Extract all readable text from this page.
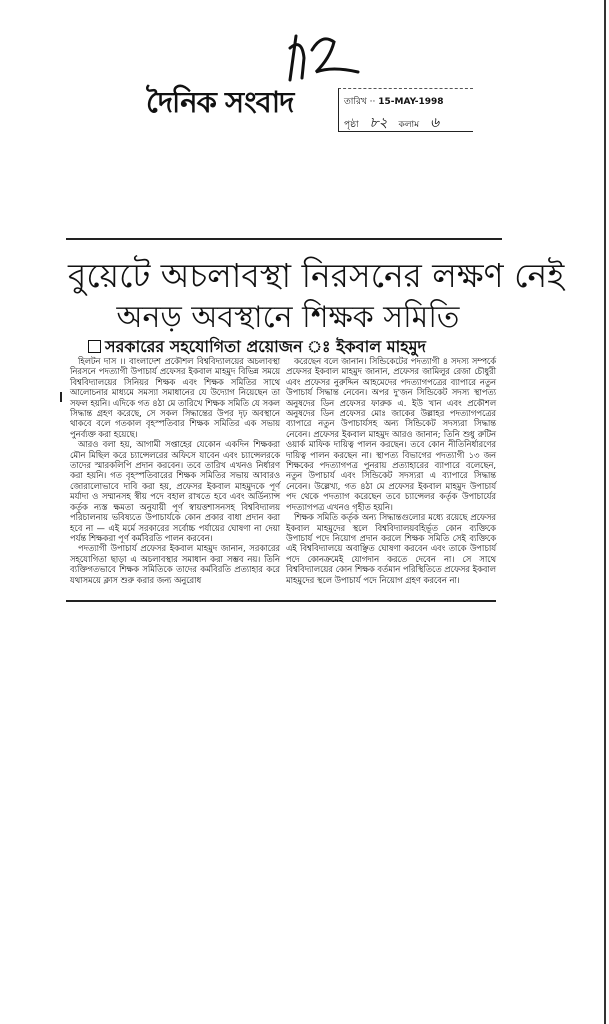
দৈনিক সংবাদ	তারিখ ·· 15-MAY-1998
পৃষ্ঠা ৮২ কলাম ৬
বুয়েটে অচলাবস্থা নিরসনের লক্ষণ নেই
অনড় অবস্থানে শিক্ষক সমিতি
সরকারের সহযোগিতা প্রয়োজন ঃ ইকবাল মাহমুদ

হিলটন দাস ।। বাংলাদেশ প্রকৌশল বিশ্ববিদ্যালয়ের অচলাবস্থা নিরসনে পদত্যাগী উপাচার্য প্রফেসর ইকবাল মাহমুদ বিভিন্ন সময়ে বিশ্ববিদ্যালয়ের সিনিয়র শিক্ষক এবং শিক্ষক সমিতির সাথে আলোচনার মাধ্যমে সমস্যা সমাধানের যে উদ্যোগ নিয়েছেন তা সফল হয়নি। এদিকে গত ৪ঠা মে তারিখে শিক্ষক সমিতি যে সকল সিদ্ধান্ত গ্রহণ করেছে, সে সকল সিদ্ধান্তের উপর দৃঢ় অবস্থানে থাকবে বলে গতকাল বৃহস্পতিবার শিক্ষক সমিতির এক সভায় পুনর্ব্যক্ত করা হয়েছে।

আরও বলা হয়, আগামী সপ্তাহের যেকোন একদিন শিক্ষকরা মৌন মিছিল করে চ্যান্সেলরের অফিসে যাবেন এবং চ্যান্সেলরকে তাদের স্মারকলিপি প্রদান করবেন। তবে তারিখ এখনও নির্ধারণ করা হয়নি। গত বৃহস্পতিবারের শিক্ষক সমিতির সভায় আবারও জোরালোভাবে দাবি করা হয়, প্রফেসর ইকবাল মাহমুদকে পূর্ণ মর্যাদা ও সম্মানসহ স্বীয় পদে বহাল রাখতে হবে এবং অর্ডিন্যান্স কর্তৃক ন্যস্ত ক্ষমতা অনুযায়ী পূর্ণ স্বায়ত্তশাসনসহ বিশ্ববিদ্যালয় পরিচালনায় ভবিষ্যতে উপাচার্যকে কোন প্রকার বাধা প্রদান করা হবে না — এই মর্মে সরকারের সর্বোচ্চ পর্যায়ের ঘোষণা না দেয়া পর্যন্ত শিক্ষকরা পূর্ণ কর্মবিরতি পালন করবেন।

পদত্যাগী উপাচার্য প্রফেসর ইকবাল মাহমুদ জানান, সরকারের সহযোগিতা ছাড়া এ অচলাবস্থার সমাধান করা সম্ভব নয়। তিনি ব্যক্তিগতভাবে শিক্ষক সমিতিকে তাদের কর্মবিরতি প্রত্যাহার করে যথাসময়ে ক্লাস শুরু করার জন্য অনুরোধ

করেছেন বলে জানান। সিন্ডিকেটের পদত্যাগী ৪ সদস্য সম্পর্কে প্রফেসর ইকবাল মাহমুদ জানান, প্রফেসর জামিলুর রেজা চৌধুরী এবং প্রফেসর নুরুদ্দিন আহমেদের পদত্যাগপত্রের ব্যাপারে নতুন উপাচার্য সিদ্ধান্ত নেবেন। অপর দু'জন সিন্ডিকেট সদস্য স্থাপত্য অনুষদের ডিন প্রফেসর ফারুক এ. ইউ খান এবং প্রকৌশল অনুষদের ডিন প্রফেসর মোঃ জাকের উল্লাহর পদত্যাগপত্রের ব্যাপারে নতুন উপাচার্যসহ অন্য সিন্ডিকেট সদস্যরা সিদ্ধান্ত নেবেন। প্রফেসর ইকবাল মাহমুদ আরও জানান; তিনি শুধু রুটিন ওয়ার্ক মাফিক দায়িত্ব পালন করছেন। তবে কোন নীতিনির্ধারণের দায়িত্ব পালন করছেন না। স্থাপত্য বিভাগের পদত্যাগী ১৩ জন শিক্ষকের পদত্যাগপত্র পুনরায় প্রত্যাহারের ব্যাপারে বলেছেন, নতুন উপাচার্য এবং সিন্ডিকেট সদস্যরা এ ব্যাপারে সিদ্ধান্ত নেবেন। উল্লেখ্য, গত ৪ঠা মে প্রফেসর ইকবাল মাহমুদ উপাচার্য পদ থেকে পদত্যাগ করেছেন তবে চ্যান্সেলর কর্তৃক উপাচার্যের পদত্যাগপত্র এখনও গৃহীত হয়নি।

শিক্ষক সমিতি কর্তৃক অন্য সিদ্ধান্তগুলোর মধ্যে রয়েছে প্রফেসর ইকবাল মাহমুদের স্থলে বিশ্ববিদ্যালয়বহির্ভূত কোন ব্যক্তিকে উপাচার্য পদে নিয়োগ প্রদান করলে শিক্ষক সমিতি সেই ব্যক্তিকে এই বিশ্ববিদ্যালয়ে অবাঞ্ছিত ঘোষণা করবেন এবং তাকে উপাচার্য পদে কোনক্রমেই যোগদান করতে দেবেন না। সে সাথে বিশ্ববিদ্যালয়ের কোন শিক্ষক বর্তমান পরিস্থিতিতে প্রফেসর ইকবাল মাহমুদের স্থলে উপাচার্য পদে নিয়োগ গ্রহণ করবেন না।
